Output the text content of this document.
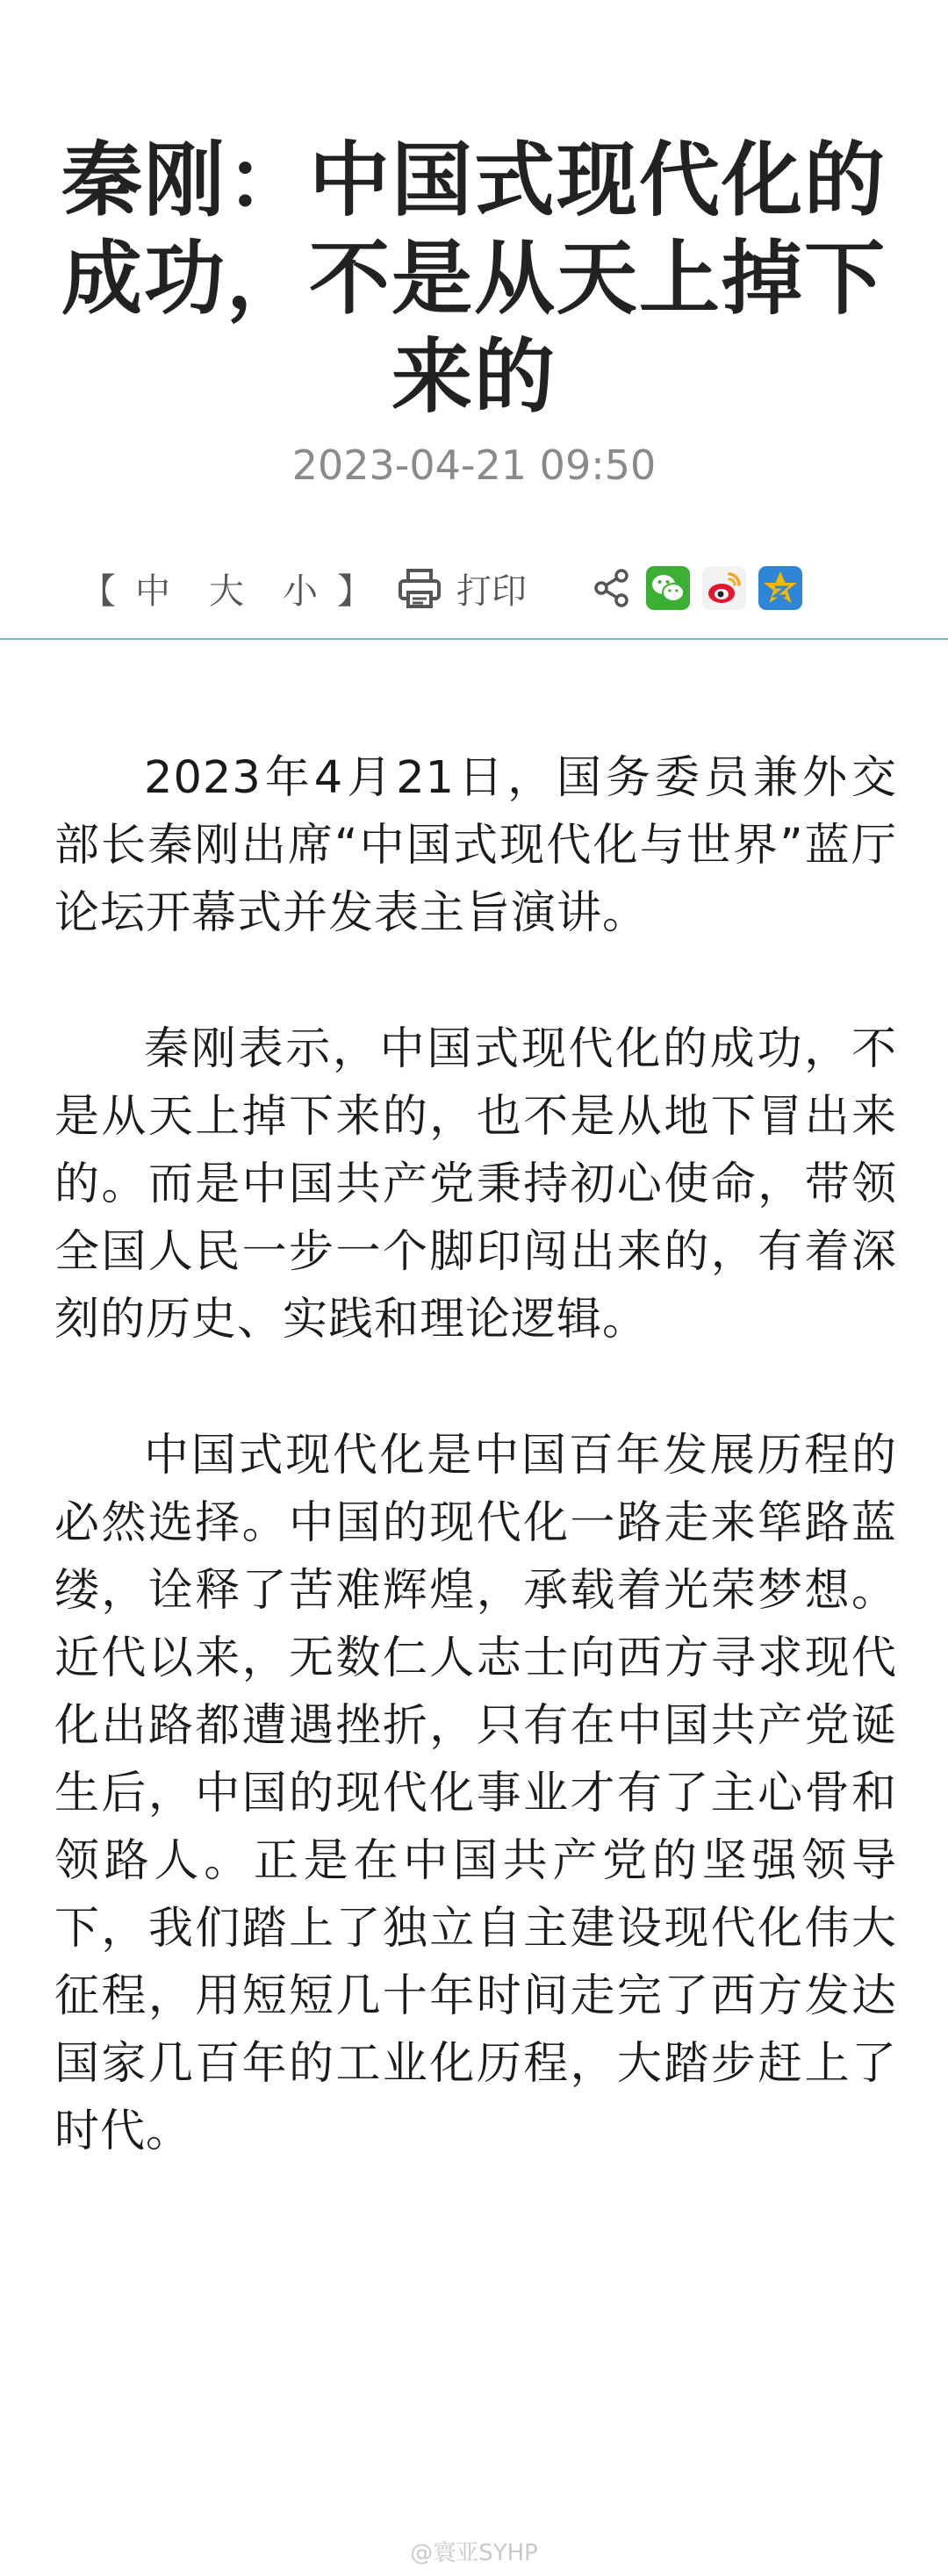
秦刚：中国式现代化的成功，不是从天上掉下来的
2023-04-21 09:50
【 中 大 小 】 打印

2023年4月21日，国务委员兼外交部长秦刚出席“中国式现代化与世界”蓝厅论坛开幕式并发表主旨演讲。

秦刚表示，中国式现代化的成功，不是从天上掉下来的，也不是从地下冒出来的。而是中国共产党秉持初心使命，带领全国人民一步一个脚印闯出来的，有着深刻的历史、实践和理论逻辑。

中国式现代化是中国百年发展历程的必然选择。中国的现代化一路走来筚路蓝缕，诠释了苦难辉煌，承载着光荣梦想。近代以来，无数仁人志士向西方寻求现代化出路都遭遇挫折，只有在中国共产党诞生后，中国的现代化事业才有了主心骨和领路人。正是在中国共产党的坚强领导下，我们踏上了独立自主建设现代化伟大征程，用短短几十年时间走完了西方发达国家几百年的工业化历程，大踏步赶上了时代。

@寰亚SYHP
